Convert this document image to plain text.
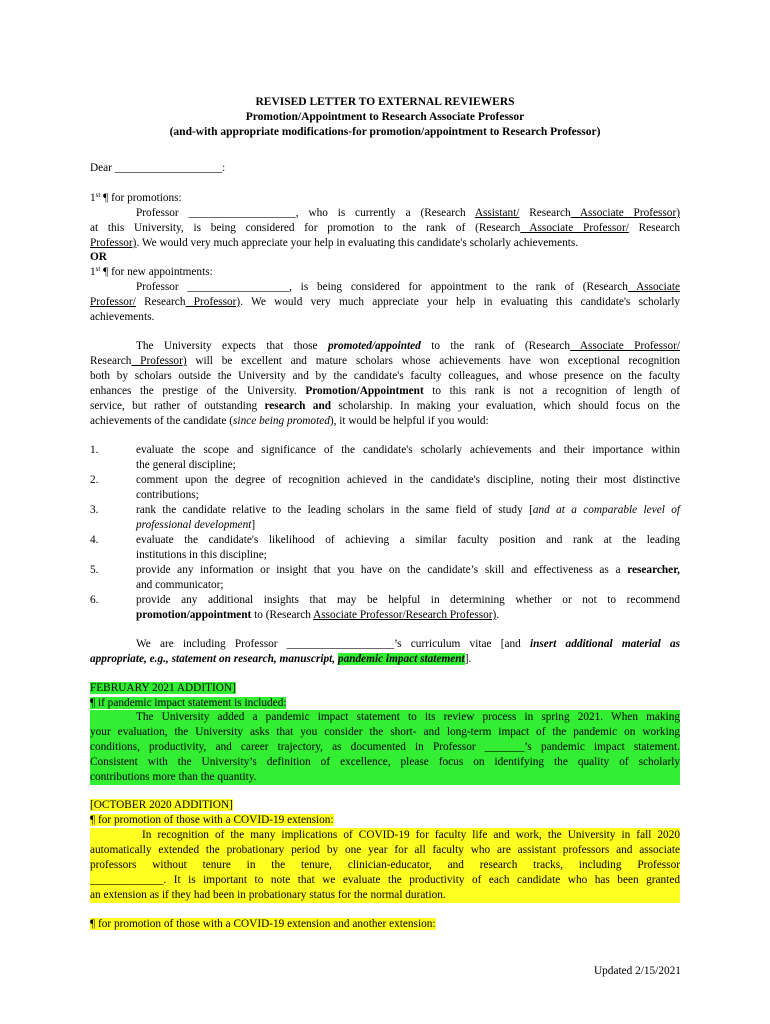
REVISED LETTER TO EXTERNAL REVIEWERS
Promotion/Appointment to Research Associate Professor
(and-with appropriate modifications-for promotion/appointment to Research Professor)
Dear ___________________:
1st ¶ for promotions:
Professor ___________________, who is currently a (Research Assistant/ Research Associate Professor)
at this University, is being considered for promotion to the rank of (Research Associate Professor/ Research
Professor). We would very much appreciate your help in evaluating this candidate's scholarly achievements.
OR
1st ¶ for new appointments:
Professor __________________, is being considered for appointment to the rank of (Research Associate
Professor/ Research Professor). We would very much appreciate your help in evaluating this candidate's scholarly
achievements.
The University expects that those promoted/appointed to the rank of (Research Associate Professor/
Research Professor) will be excellent and mature scholars whose achievements have won exceptional recognition
both by scholars outside the University and by the candidate's faculty colleagues, and whose presence on the faculty
enhances the prestige of the University. Promotion/Appointment to this rank is not a recognition of length of
service, but rather of outstanding research and scholarship. In making your evaluation, which should focus on the
achievements of the candidate (since being promoted), it would be helpful if you would:
1.	evaluate the scope and significance of the candidate's scholarly achievements and their importance within
the general discipline;
2.	comment upon the degree of recognition achieved in the candidate's discipline, noting their most distinctive
contributions;
3.	rank the candidate relative to the leading scholars in the same field of study [and at a comparable level of
professional development]
4.	evaluate the candidate's likelihood of achieving a similar faculty position and rank at the leading
institutions in this discipline;
5.	provide any information or insight that you have on the candidate’s skill and effectiveness as a researcher,
and communicator;
6.	provide any additional insights that may be helpful in determining whether or not to recommend
promotion/appointment to (Research Associate Professor/Research Professor).
We are including Professor ___________________’s curriculum vitae [and insert additional material as
appropriate, e.g., statement on research, manuscript, pandemic impact statement].
FEBRUARY 2021 ADDITION]
¶ if pandemic impact statement is included:
The University added a pandemic impact statement to its review process in spring 2021. When making
your evaluation, the University asks that you consider the short- and long-term impact of the pandemic on working
conditions, productivity, and career trajectory, as documented in Professor _______’s pandemic impact statement.
Consistent with the University’s definition of excellence, please focus on identifying the quality of scholarly
contributions more than the quantity.
[OCTOBER 2020 ADDITION]
¶ for promotion of those with a COVID-19 extension:
In recognition of the many implications of COVID-19 for faculty life and work, the University in fall 2020
automatically extended the probationary period by one year for all faculty who are assistant professors and associate
professors without tenure in the tenure, clinician-educator, and research tracks, including Professor
_____________. It is important to note that we evaluate the productivity of each candidate who has been granted
an extension as if they had been in probationary status for the normal duration.
¶ for promotion of those with a COVID-19 extension and another extension:
Updated 2/15/2021
